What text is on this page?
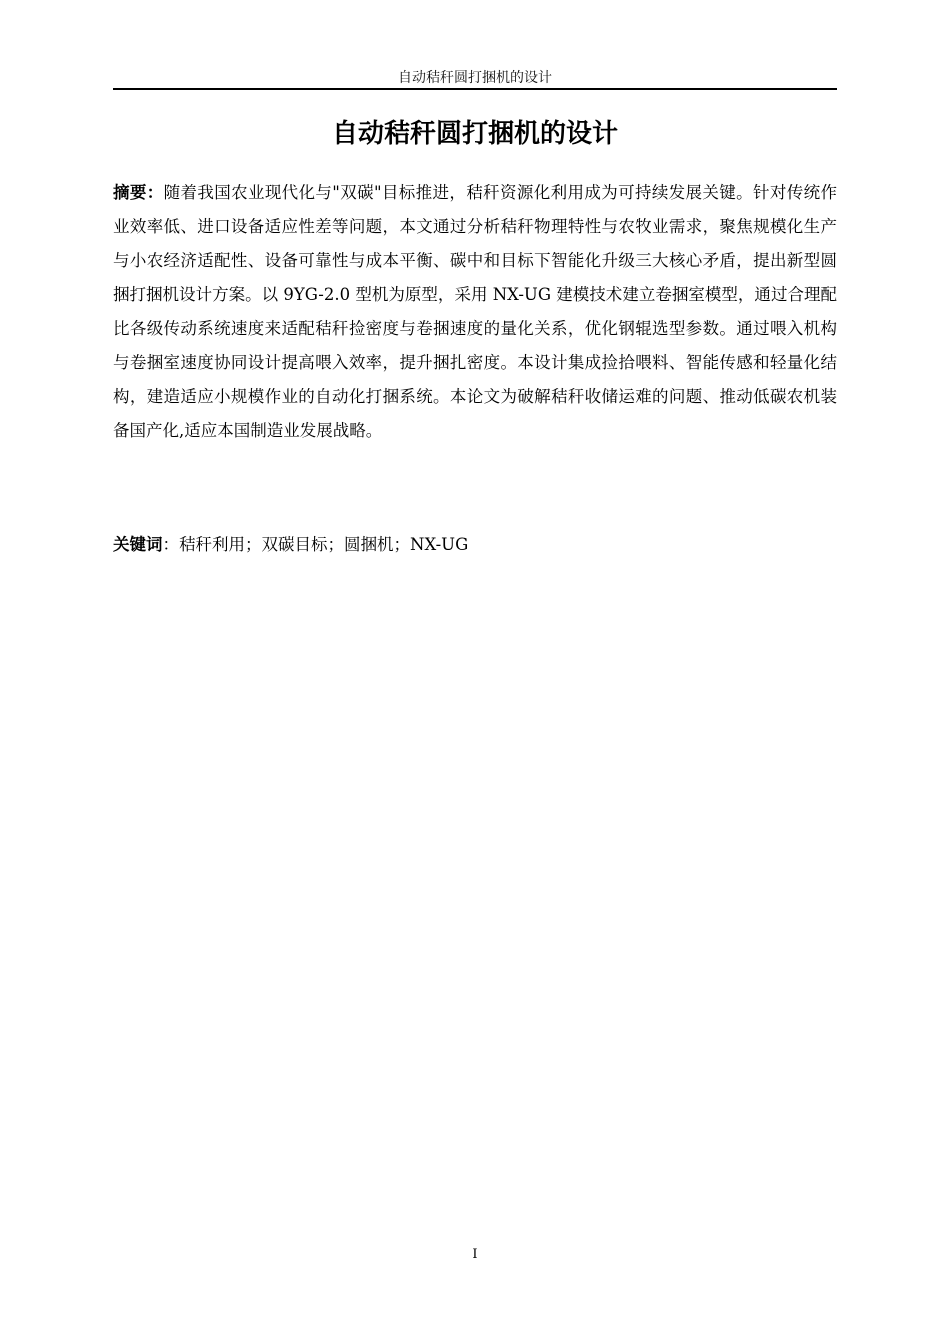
自动秸秆圆打捆机的设计
自动秸秆圆打捆机的设计

摘要：随着我国农业现代化与"双碳"目标推进，秸秆资源化利用成为可持续发展关键。针对传统作业效率低、进口设备适应性差等问题，本文通过分析秸秆物理特性与农牧业需求，聚焦规模化生产与小农经济适配性、设备可靠性与成本平衡、碳中和目标下智能化升级三大核心矛盾，提出新型圆捆打捆机设计方案。以 9YG-2.0 型机为原型，采用 NX-UG 建模技术建立卷捆室模型，通过合理配比各级传动系统速度来适配秸秆捡密度与卷捆速度的量化关系，优化钢辊选型参数。通过喂入机构与卷捆室速度协同设计提高喂入效率，提升捆扎密度。本设计集成捡拾喂料、智能传感和轻量化结构，建造适应小规模作业的自动化打捆系统。本论文为破解秸秆收储运难的问题、推动低碳农机装备国产化,适应本国制造业发展战略。

关键词：秸秆利用；双碳目标；圆捆机；NX-UG

I
